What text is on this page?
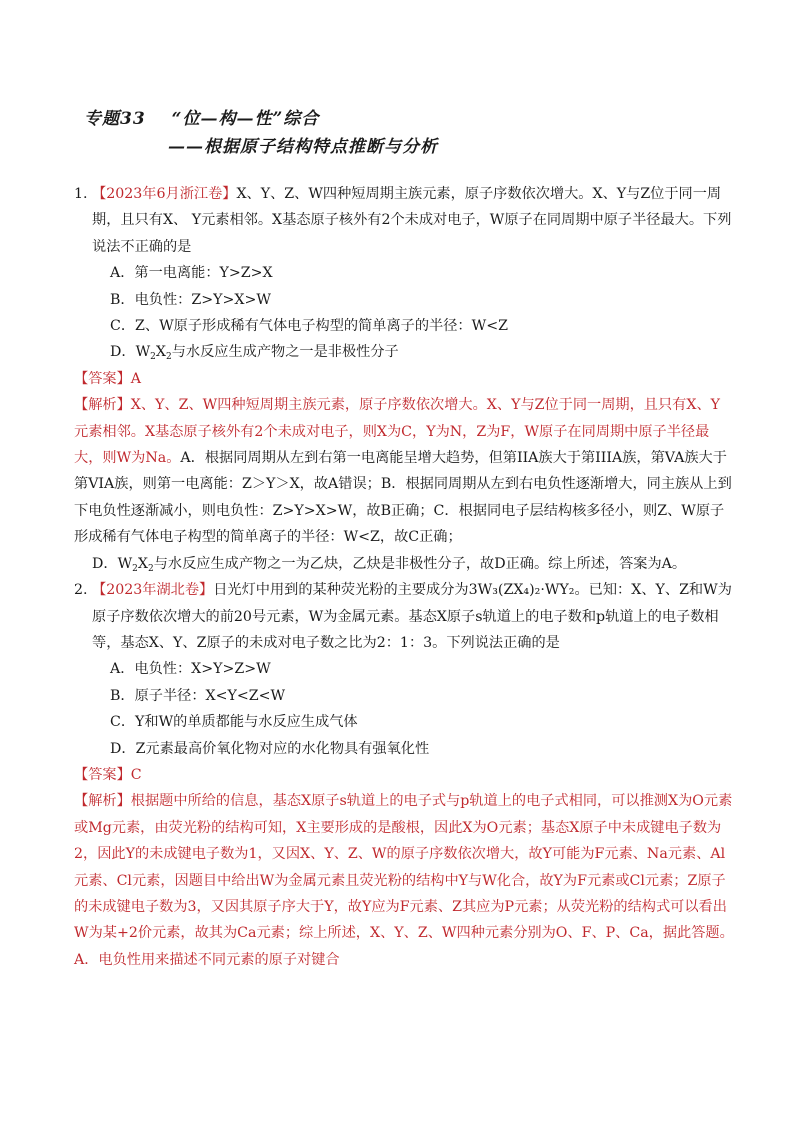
专题33 “位—构—性”综合
——根据原子结构特点推断与分析
1. 【2023年6月浙江卷】X、Y、Z、W四种短周期主族元素，原子序数依次增大。X、Y与Z位于同一周期，且只有X、 Y元素相邻。X基态原子核外有2个未成对电子，W原子在同周期中原子半径最大。下列说法不正确的是

A．第一电离能：Y>Z>X

B．电负性：Z>Y>X>W

C．Z、W原子形成稀有气体电子构型的简单离子的半径：W<Z

D．$W_2X_2$与水反应生成产物之一是非极性分子

【答案】A

【解析】X、Y、Z、W四种短周期主族元素，原子序数依次增大。X、Y与Z位于同一周期，且只有X、Y元素相邻。X基态原子核外有2个未成对电子，则X为C，Y为N，Z为F，W原子在同周期中原子半径最大，则W为Na。A．根据同周期从左到右第一电离能呈增大趋势，但第IIA族大于第IIIA族，第VA族大于第VIA族，则第一电离能：Z＞Y＞X，故A错误；B．根据同周期从左到右电负性逐渐增大，同主族从上到下电负性逐渐减小，则电负性：Z>Y>X>W，故B正确；C．根据同电子层结构核多径小，则Z、W原子形成稀有气体电子构型的简单离子的半径：W<Z，故C正确；

D．$W_2X_2$与水反应生成产物之一为乙炔，乙炔是非极性分子，故D正确。综上所述，答案为A。

2. 【2023年湖北卷】日光灯中用到的某种荧光粉的主要成分为3W₃(ZX₄)₂·WY₂。已知：X、Y、Z和W为原子序数依次增大的前20号元素，W为金属元素。基态X原子s轨道上的电子数和p轨道上的电子数相等，基态X、Y、Z原子的未成对电子数之比为2：1：3。下列说法正确的是

A．电负性：X>Y>Z>W

B．原子半径：X<Y<Z<W

C．Y和W的单质都能与水反应生成气体

D．Z元素最高价氧化物对应的水化物具有强氧化性

【答案】C

【解析】根据题中所给的信息，基态X原子s轨道上的电子式与p轨道上的电子式相同，可以推测X为O元素或Mg元素，由荧光粉的结构可知，X主要形成的是酸根，因此X为O元素；基态X原子中未成键电子数为2，因此Y的未成键电子数为1，又因X、Y、Z、W的原子序数依次增大，故Y可能为F元素、Na元素、Al元素、Cl元素，因题目中给出W为金属元素且荧光粉的结构中Y与W化合，故Y为F元素或Cl元素；Z原子的未成键电子数为3，又因其原子序大于Y，故Y应为F元素、Z其应为P元素；从荧光粉的结构式可以看出W为某+2价元素，故其为Ca元素；综上所述，X、Y、Z、W四种元素分别为O、F、P、Ca，据此答题。A．电负性用来描述不同元素的原子对键合
